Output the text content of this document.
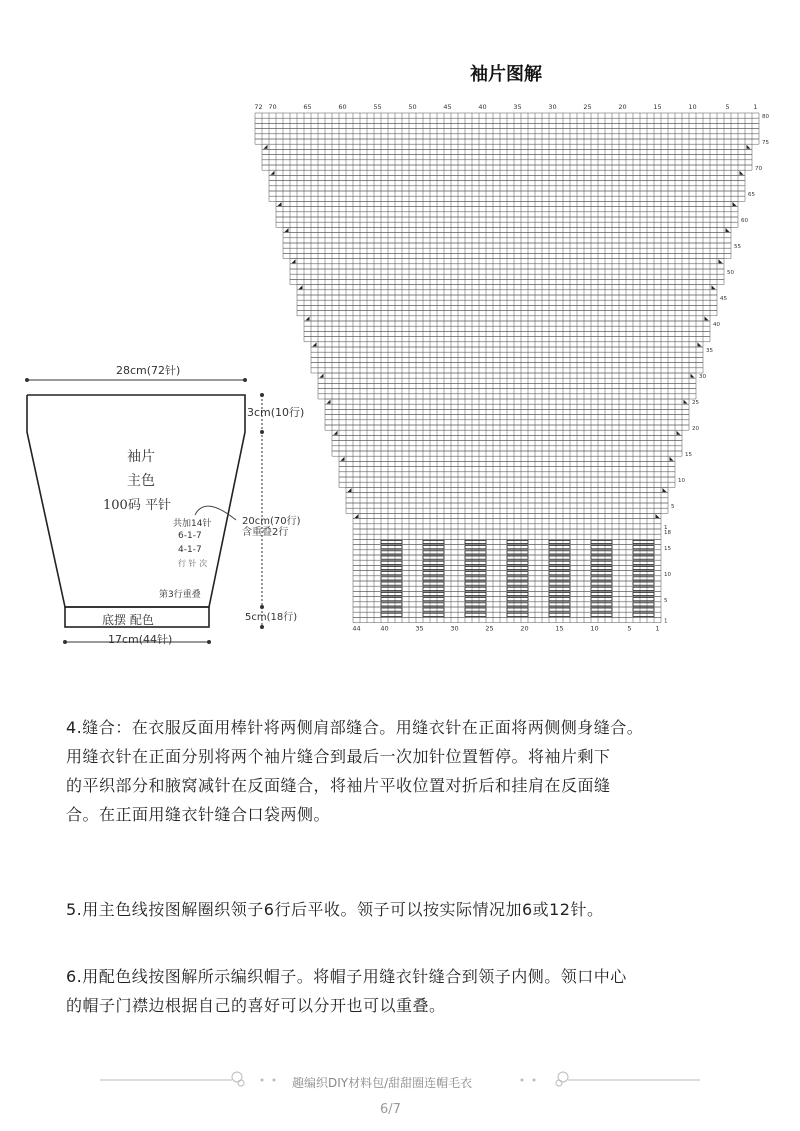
袖片图解
72 70	65	60	55	50	45	40	35	30	25	20	15	10	5	1
44	40	35	30	25	20	15	10	5	1
80
75
70
65
60
55
50
45
40
35
30
25
20
15
10
5
1
18
15
10
5
1
28cm(72针)
3cm(10行)
袖片
主色
100码 平针
共加14针
6-1-7
4-1-7
行 针 次
20cm(70行)
含重叠2行
第3行重叠
底摆 配色	5cm(18行)
17cm(44针)

4.缝合：在衣服反面用棒针将两侧肩部缝合。用缝衣针在正面将两侧侧身缝合。

用缝衣针在正面分别将两个袖片缝合到最后一次加针位置暂停。将袖片剩下

的平织部分和腋窝减针在反面缝合，将袖片平收位置对折后和挂肩在反面缝

合。在正面用缝衣针缝合口袋两侧。

5.用主色线按图解圈织领子6行后平收。领子可以按实际情况加6或12针。

6.用配色线按图解所示编织帽子。将帽子用缝衣针缝合到领子内侧。领口中心

的帽子门襟边根据自己的喜好可以分开也可以重叠。

趣编织DIY材料包/甜甜圈连帽毛衣
6/7
